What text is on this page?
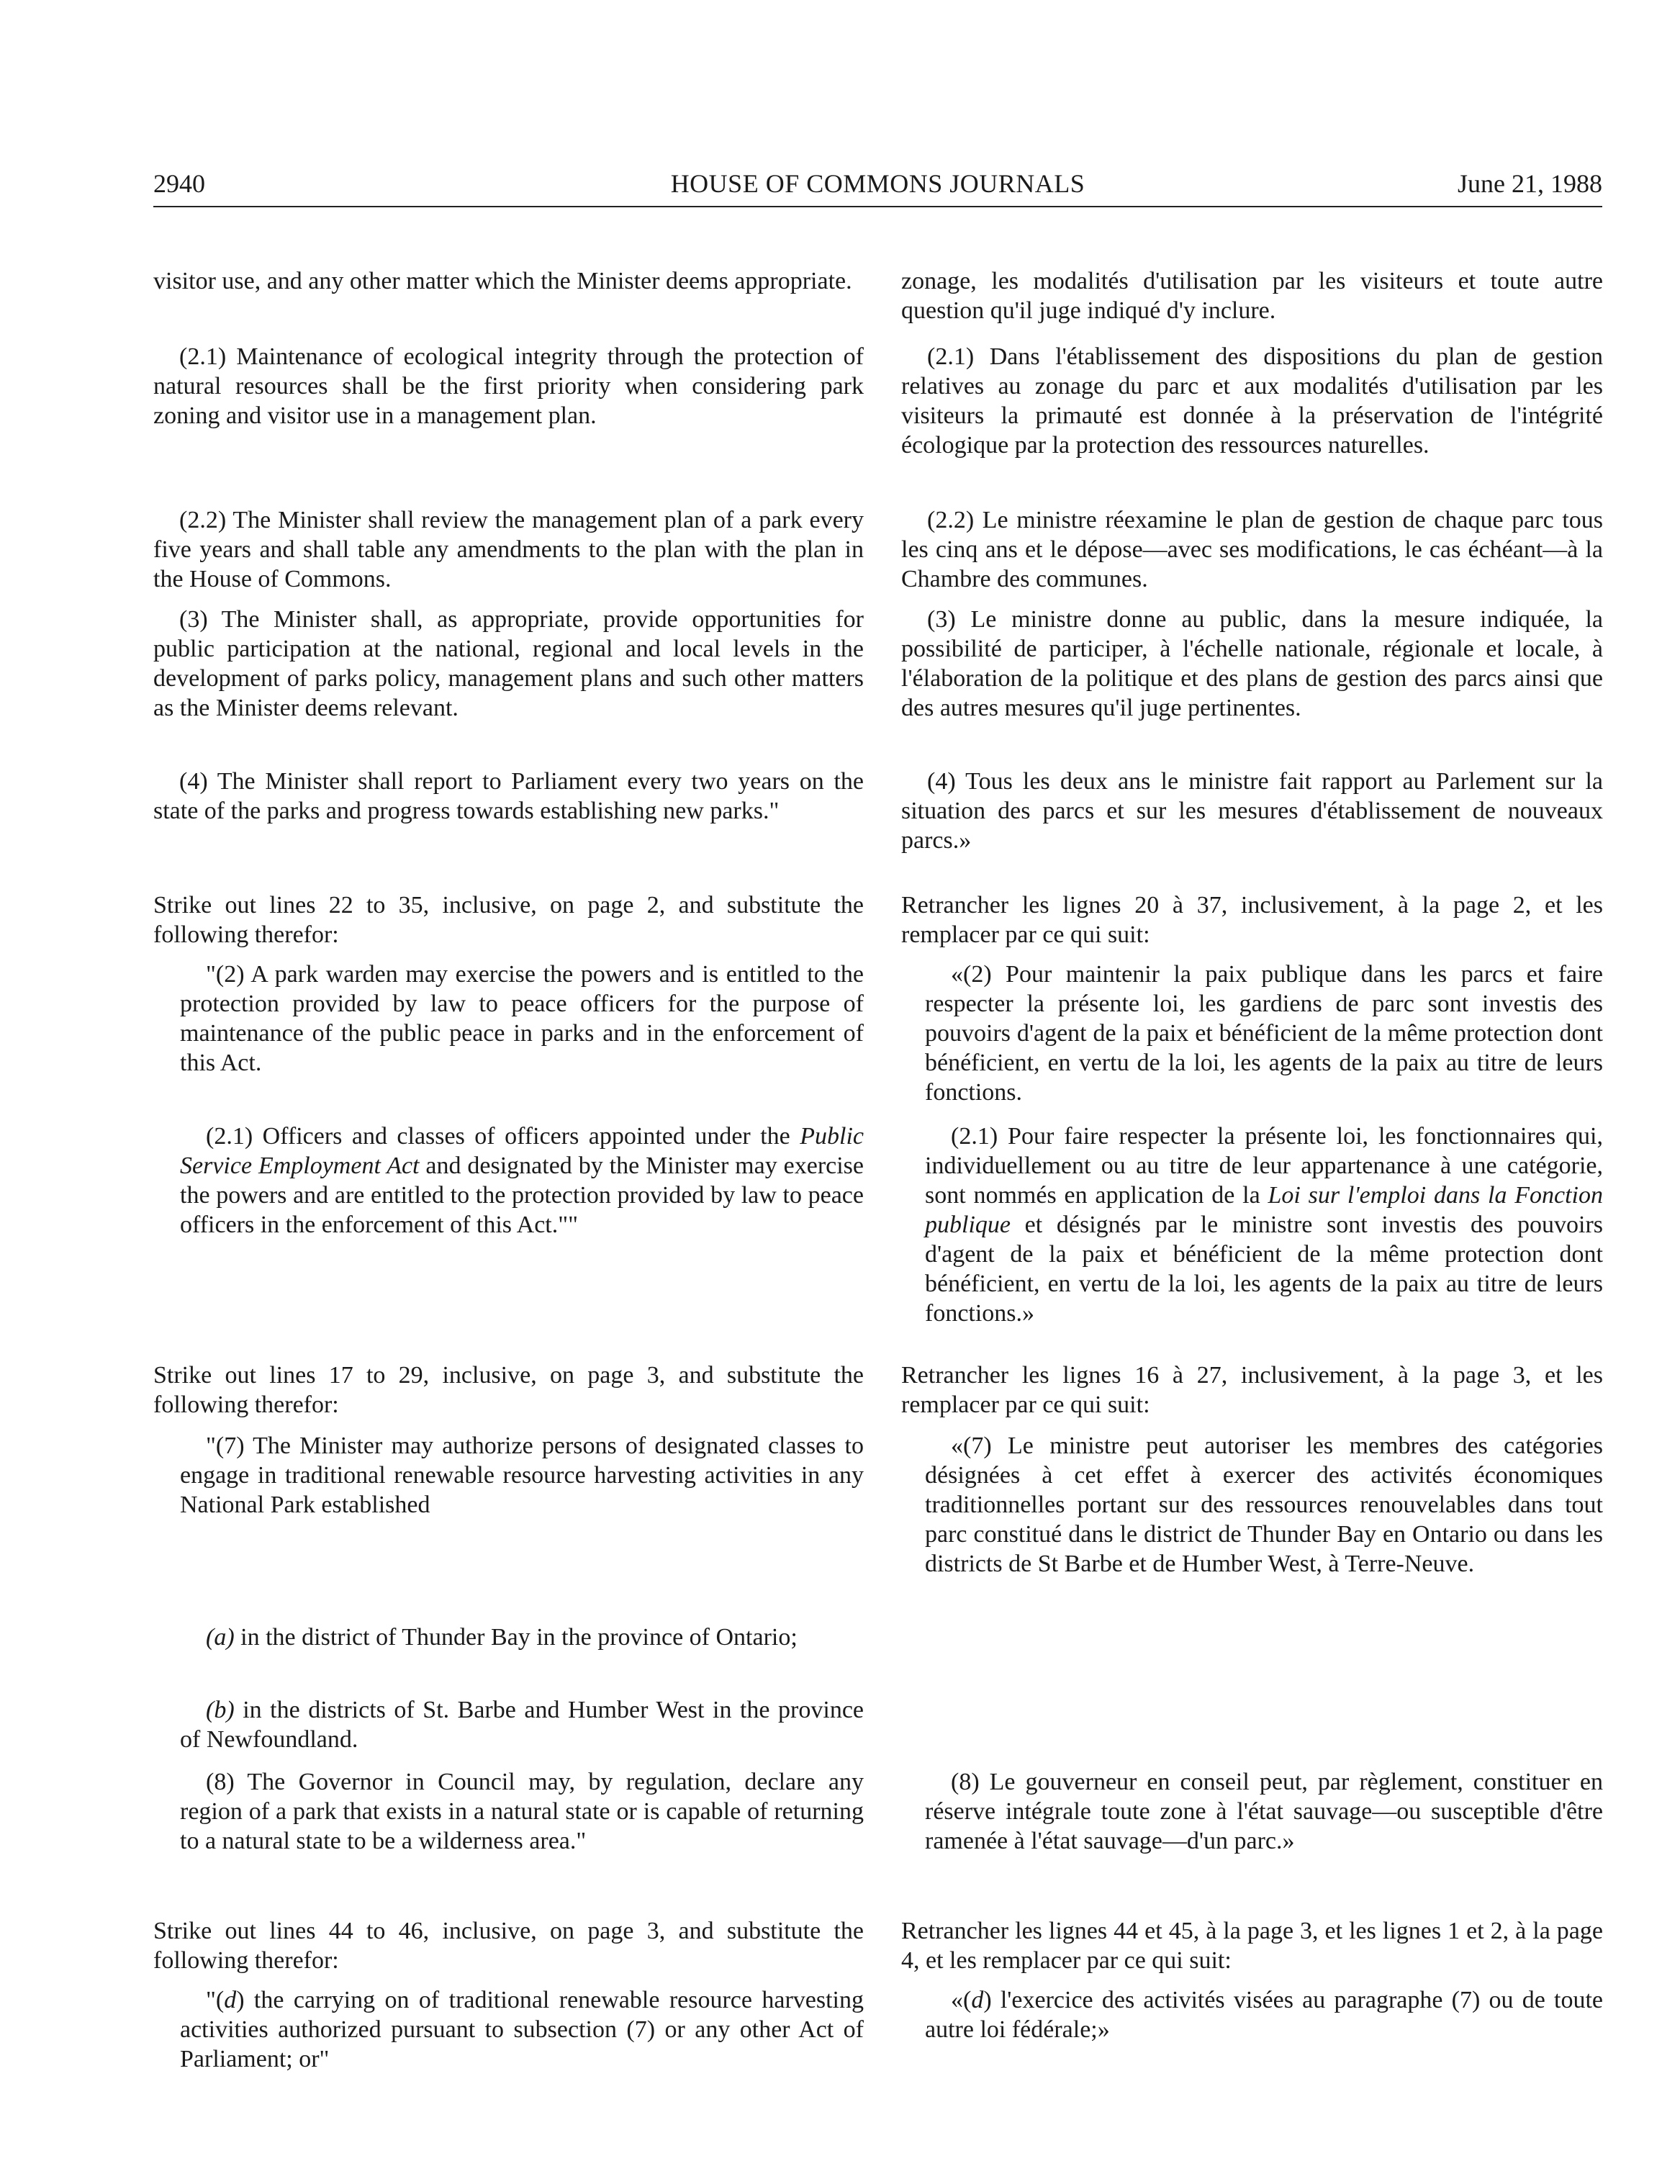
2940	HOUSE OF COMMONS JOURNALS	June 21, 1988

visitor use, and any other matter which the Minister deems appropriate.

(2.1) Maintenance of ecological integrity through the protection of natural resources shall be the first priority when considering park zoning and visitor use in a management plan.

(2.2) The Minister shall review the management plan of a park every five years and shall table any amendments to the plan with the plan in the House of Commons.

(3) The Minister shall, as appropriate, provide opportunities for public participation at the national, regional and local levels in the development of parks policy, management plans and such other matters as the Minister deems relevant.

(4) The Minister shall report to Parliament every two years on the state of the parks and progress towards establishing new parks."

Strike out lines 22 to 35, inclusive, on page 2, and substitute the following therefor:

"(2) A park warden may exercise the powers and is entitled to the protection provided by law to peace officers for the purpose of maintenance of the public peace in parks and in the enforcement of this Act.

(2.1) Officers and classes of officers appointed under the Public Service Employment Act and designated by the Minister may exercise the powers and are entitled to the protection provided by law to peace officers in the enforcement of this Act.""

Strike out lines 17 to 29, inclusive, on page 3, and substitute the following therefor:

"(7) The Minister may authorize persons of designated classes to engage in traditional renewable resource harvesting activities in any National Park established

(a) in the district of Thunder Bay in the province of Ontario;

(b) in the districts of St. Barbe and Humber West in the province of Newfoundland.

(8) The Governor in Council may, by regulation, declare any region of a park that exists in a natural state or is capable of returning to a natural state to be a wilderness area."

Strike out lines 44 to 46, inclusive, on page 3, and substitute the following therefor:

"(d) the carrying on of traditional renewable resource harvesting activities authorized pursuant to subsection (7) or any other Act of Parliament; or"

zonage, les modalités d'utilisation par les visiteurs et toute autre question qu'il juge indiqué d'y inclure.

(2.1) Dans l'établissement des dispositions du plan de gestion relatives au zonage du parc et aux modalités d'utilisation par les visiteurs la primauté est donnée à la préservation de l'intégrité écologique par la protection des ressources naturelles.

(2.2) Le ministre réexamine le plan de gestion de chaque parc tous les cinq ans et le dépose—avec ses modifications, le cas échéant—à la Chambre des communes.

(3) Le ministre donne au public, dans la mesure indiquée, la possibilité de participer, à l'échelle nationale, régionale et locale, à l'élaboration de la politique et des plans de gestion des parcs ainsi que des autres mesures qu'il juge pertinentes.

(4) Tous les deux ans le ministre fait rapport au Parlement sur la situation des parcs et sur les mesures d'établissement de nouveaux parcs.»

Retrancher les lignes 20 à 37, inclusivement, à la page 2, et les remplacer par ce qui suit:

«(2) Pour maintenir la paix publique dans les parcs et faire respecter la présente loi, les gardiens de parc sont investis des pouvoirs d'agent de la paix et bénéficient de la même protection dont bénéficient, en vertu de la loi, les agents de la paix au titre de leurs fonctions.

(2.1) Pour faire respecter la présente loi, les fonctionnaires qui, individuellement ou au titre de leur appartenance à une catégorie, sont nommés en application de la Loi sur l'emploi dans la Fonction publique et désignés par le ministre sont investis des pouvoirs d'agent de la paix et bénéficient de la même protection dont bénéficient, en vertu de la loi, les agents de la paix au titre de leurs fonctions.»

Retrancher les lignes 16 à 27, inclusivement, à la page 3, et les remplacer par ce qui suit:

«(7) Le ministre peut autoriser les membres des catégories désignées à cet effet à exercer des activités économiques traditionnelles portant sur des ressources renouvelables dans tout parc constitué dans le district de Thunder Bay en Ontario ou dans les districts de St Barbe et de Humber West, à Terre-Neuve.

(8) Le gouverneur en conseil peut, par règlement, constituer en réserve intégrale toute zone à l'état sauvage—ou susceptible d'être ramenée à l'état sauvage—d'un parc.»

Retrancher les lignes 44 et 45, à la page 3, et les lignes 1 et 2, à la page 4, et les remplacer par ce qui suit:

«(d) l'exercice des activités visées au paragraphe (7) ou de toute autre loi fédérale;»
